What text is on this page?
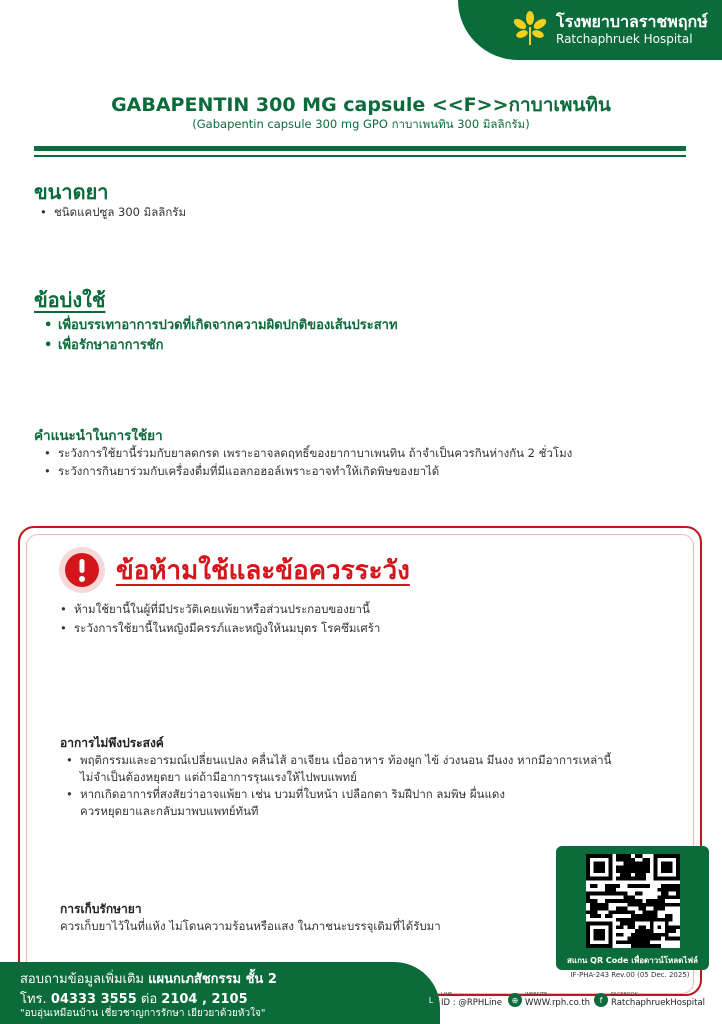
โรงพยาบาลราชพฤกษ์
Ratchaphruek Hospital
GABAPENTIN 300 MG capsule <<F>>กาบาเพนทิน
(Gabapentin capsule 300 mg GPO กาบาเพนทิน 300 มิลลิกรัม)
ขนาดยา
• ชนิดแคปซูล 300 มิลลิกรัม
ข้อบ่งใช้
• เพื่อบรรเทาอาการปวดที่เกิดจากความผิดปกติของเส้นประสาท
• เพื่อรักษาอาการชัก
คำแนะนำในการใช้ยา
• ระวังการใช้ยานี้ร่วมกับยาลดกรด เพราะอาจลดฤทธิ์ของยากาบาเพนทิน ถ้าจำเป็นควรกินห่างกัน 2 ชั่วโมง
• ระวังการกินยาร่วมกับเครื่องดื่มที่มีแอลกอฮอล์เพราะอาจทำให้เกิดพิษของยาได้
ข้อห้ามใช้และข้อควรระวัง
• ห้ามใช้ยานี้ในผู้ที่มีประวัติเคยแพ้ยาหรือส่วนประกอบของยานี้
• ระวังการใช้ยานี้ในหญิงมีครรภ์และหญิงให้นมบุตร โรคซึมเศร้า
อาการไม่พึงประสงค์
• พฤติกรรมและอารมณ์เปลี่ยนแปลง คลื่นไส้ อาเจียน เบื่ออาหาร ท้องผูก ไข้ ง่วงนอน มึนงง หากมีอาการเหล่านี้
ไม่จำเป็นต้องหยุดยา แต่ถ้ามีอาการรุนแรงให้ไปพบแพทย์
• หากเกิดอาการที่สงสัยว่าอาจแพ้ยา เช่น บวมที่ใบหน้า เปลือกตา ริมฝีปาก ลมพิษ ผื่นแดง
ควรหยุดยาและกลับมาพบแพทย์ทันที
การเก็บรักษายา
ควรเก็บยาไว้ในที่แห้ง ไม่โดนความร้อนหรือแสง ในภาชนะบรรจุเดิมที่ได้รับมา
สแกน QR Code เพื่อดาวน์โหลดไฟล์
IF-PHA-243 Rev.00 (05 Dec. 2025)
สอบถามข้อมูลเพิ่มเติม แผนกเภสัชกรรม ชั้น 2
โทร. 04333 3555 ต่อ 2104 , 2105
"อบอุ่นเหมือนบ้าน เชี่ยวชาญการรักษา เยียวยาด้วยหัวใจ"
L
LINE
ID : @RPHLine	⊕
WEBSITE
WWW.rph.co.th	f
FACEBOOK
RatchaphruekHospital
